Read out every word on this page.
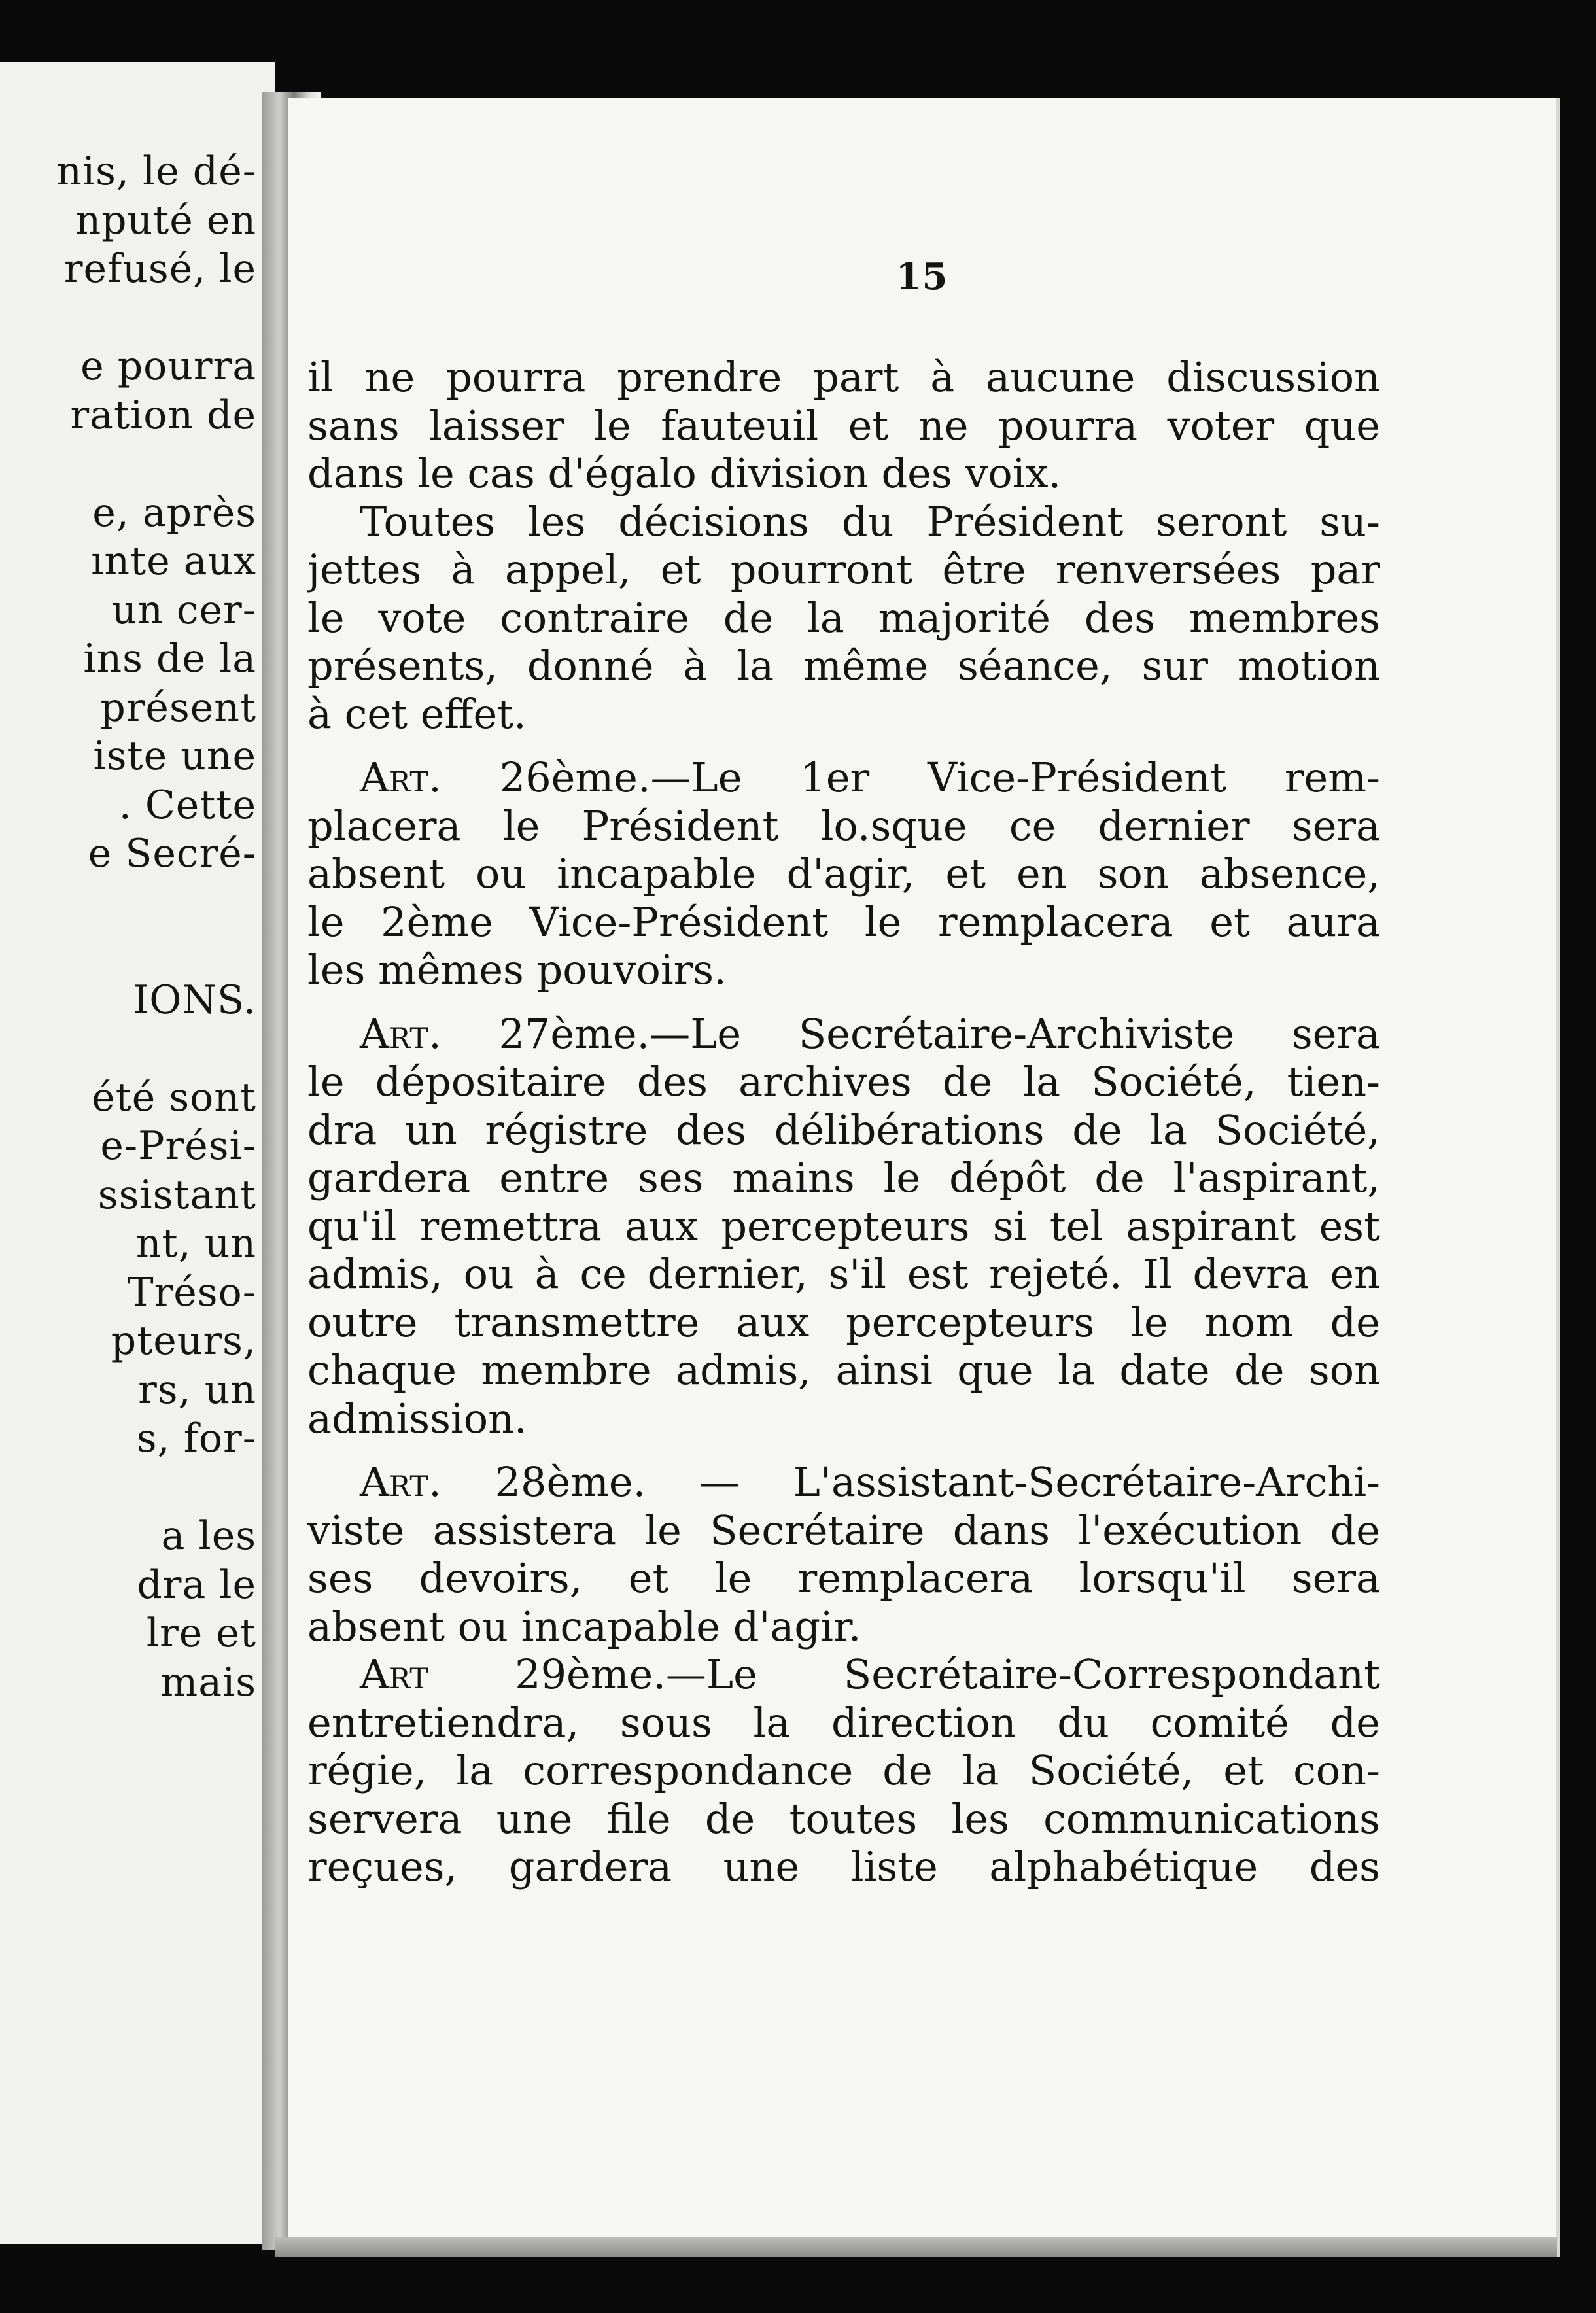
nis, le dé-
nputé en
refusé, le
e pourra
ration de
e, après
ınte aux
un cer-
ins de la
présent
iste une
. Cette
e Secré-
IONS.
été sont
e-Prési-
ssistant
nt, un
Tréso-
pteurs,
rs, un
s, for-
a les
dra le
lre et
mais
15
il ne pourra prendre part à aucune discussion
sans laisser le fauteuil et ne pourra voter que
dans le cas d'égalo division des voix.
Toutes les décisions du Président seront su-
jettes à appel, et pourront être renversées par
le vote contraire de la majorité des membres
présents, donné à la même séance, sur motion
à cet effet.
Art. 26ème.—Le 1er Vice-Président rem-
placera le Président lo.sque ce dernier sera
absent ou incapable d'agir, et en son absence,
le 2ème Vice-Président le remplacera et aura
les mêmes pouvoirs.
Art. 27ème.—Le Secrétaire-Archiviste sera
le dépositaire des archives de la Société, tien-
dra un régistre des délibérations de la Société,
gardera entre ses mains le dépôt de l'aspirant,
qu'il remettra aux percepteurs si tel aspirant est
admis, ou à ce dernier, s'il est rejeté. Il devra en
outre transmettre aux percepteurs le nom de
chaque membre admis, ainsi que la date de son
admission.
Art. 28ème. — L'assistant-Secrétaire-Archi-
viste assistera le Secrétaire dans l'exécution de
ses devoirs, et le remplacera lorsqu'il sera
absent ou incapable d'agir.
Art 29ème.—Le Secrétaire-Correspondant
entretiendra, sous la direction du comité de
régie, la correspondance de la Société, et con-
servera une file de toutes les communications
reçues, gardera une liste alphabétique des
